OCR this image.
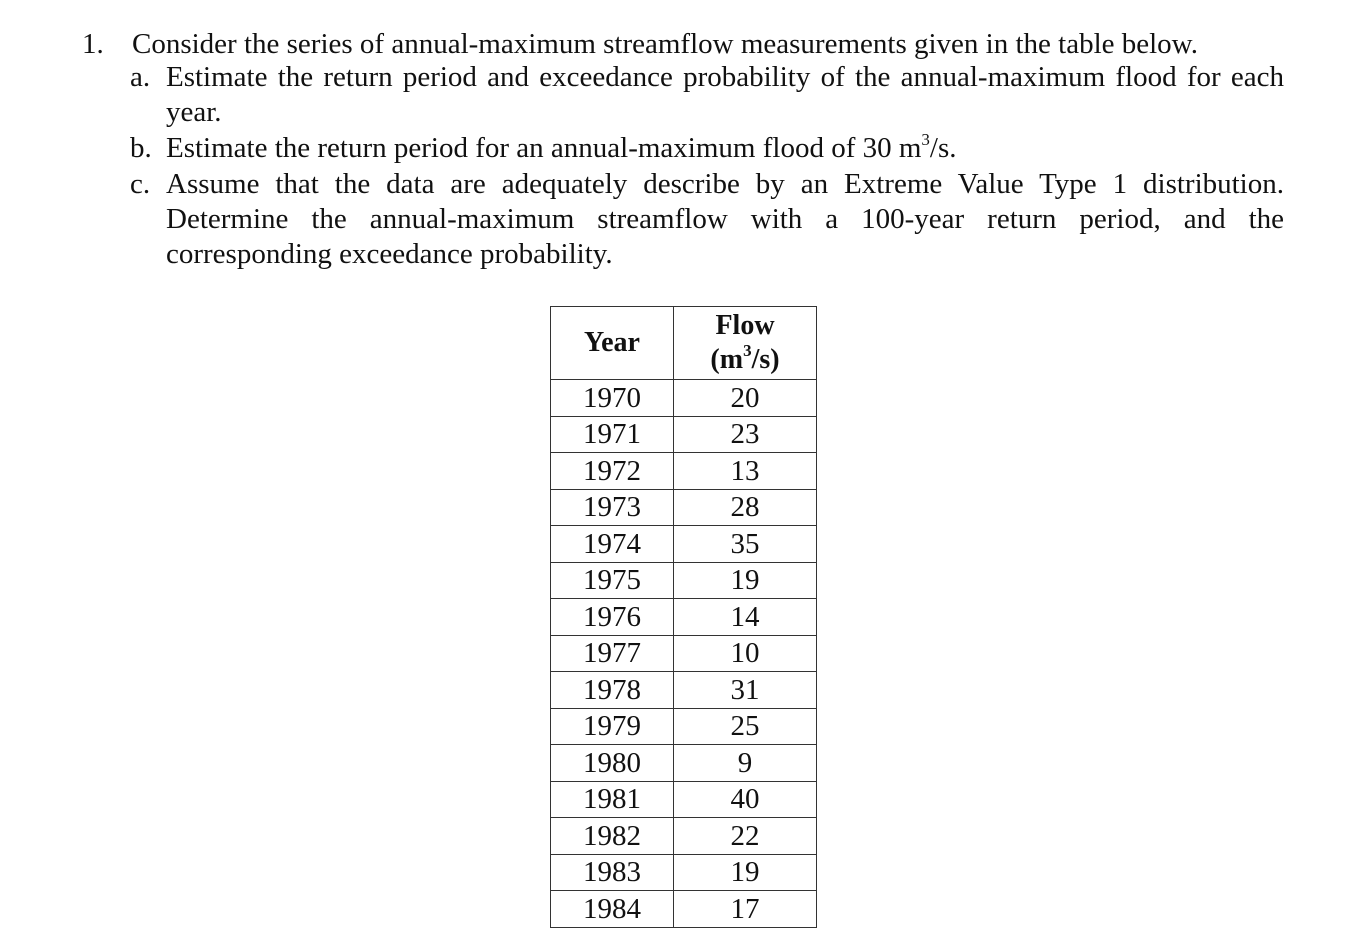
1. Consider the series of annual-maximum streamflow measurements given in the table below.
a. Estimate the return period and exceedance probability of the annual-maximum flood for each year.
b. Estimate the return period for an annual-maximum flood of 30 $m^3/s$.
c. Assume that the data are adequately describe by an Extreme Value Type 1 distribution. Determine the annual-maximum streamflow with a 100-year return period, and the corresponding exceedance probability.
Year	Flow
$(m^3/s)$

1970	20
1971	23
1972	13
1973	28
1974	35
1975	19
1976	14
1977	10
1978	31
1979	25
1980	9
1981	40
1982	22
1983	19
1984	17
